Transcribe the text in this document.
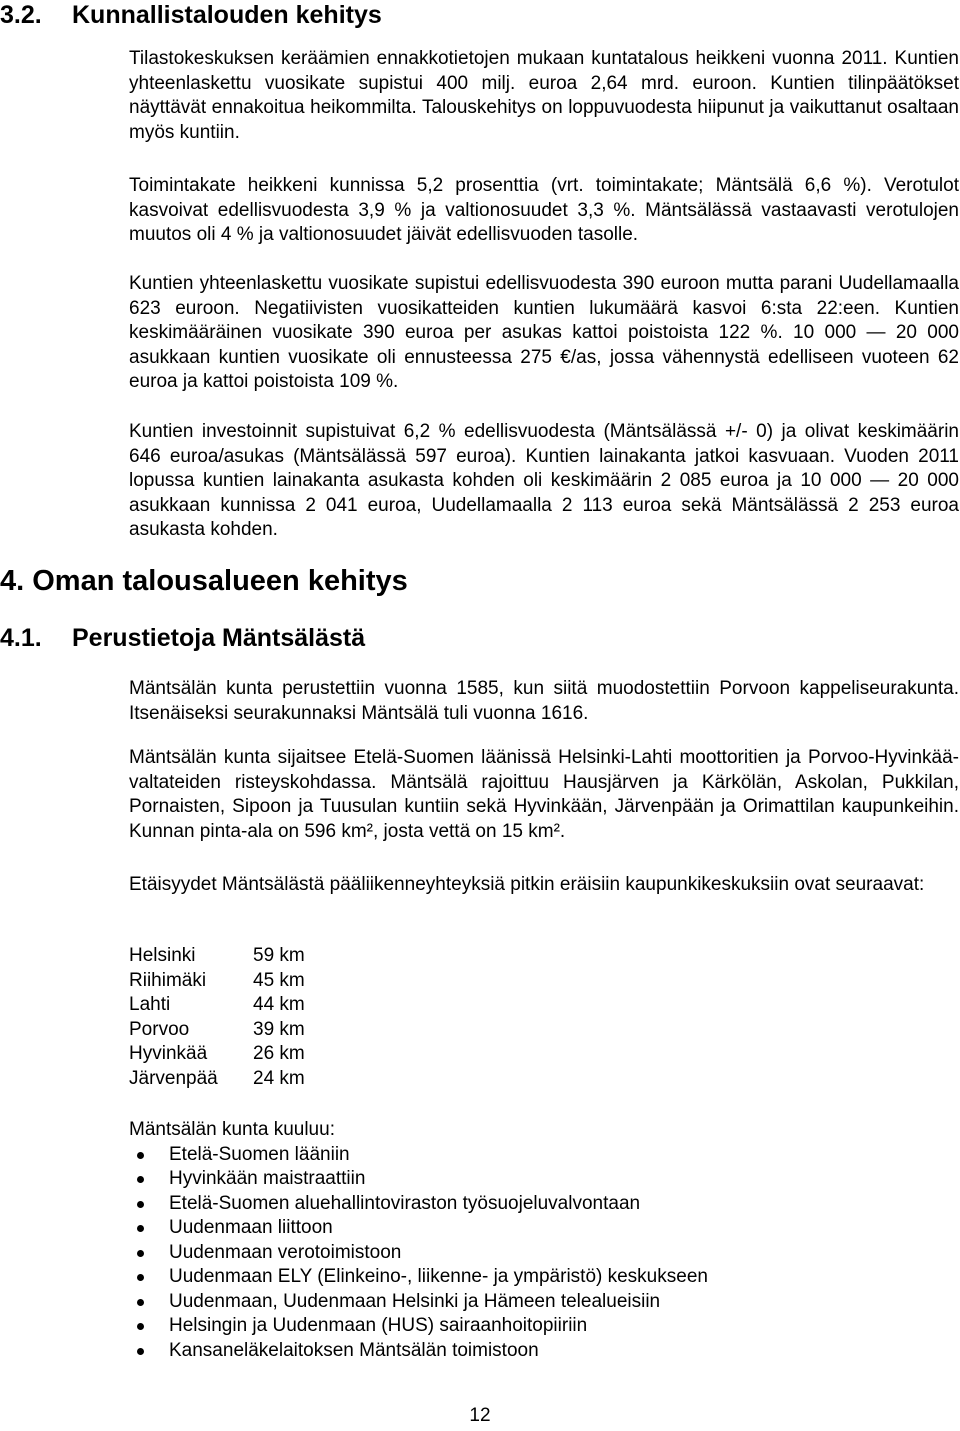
3.2. Kunnallistalouden kehitys

Tilastokeskuksen keräämien ennakkotietojen mukaan kuntatalous heikkeni vuonna 2011. Kuntien yhteenlaskettu vuosikate supistui 400 milj. euroa 2,64 mrd. euroon. Kuntien tilinpäätökset näyttävät ennakoitua heikommilta. Talouskehitys on loppuvuodesta hiipunut ja vaikuttanut osaltaan myös kuntiin.

Toimintakate heikkeni kunnissa 5,2 prosenttia (vrt. toimintakate; Mäntsälä 6,6 %). Verotulot kasvoivat edellisvuodesta 3,9 % ja valtionosuudet 3,3 %. Mäntsälässä vastaavasti verotulojen muutos oli 4 % ja valtionosuudet jäivät edellisvuoden tasolle.

Kuntien yhteenlaskettu vuosikate supistui edellisvuodesta 390 euroon mutta parani Uudellamaalla 623 euroon. Negatiivisten vuosikatteiden kuntien lukumäärä kasvoi 6:sta 22:een. Kuntien keskimääräinen vuosikate 390 euroa per asukas kattoi poistoista 122 %. 10 000 — 20 000 asukkaan kuntien vuosikate oli ennusteessa 275 €/as, jossa vähennystä edelliseen vuoteen 62 euroa ja kattoi poistoista 109 %.

Kuntien investoinnit supistuivat 6,2 % edellisvuodesta (Mäntsälässä +/- 0) ja olivat keskimäärin 646 euroa/asukas (Mäntsälässä 597 euroa). Kuntien lainakanta jatkoi kasvuaan. Vuoden 2011 lopussa kuntien lainakanta asukasta kohden oli keskimäärin 2 085 euroa ja 10 000 — 20 000 asukkaan kunnissa 2 041 euroa, Uudellamaalla 2 113 euroa sekä Mäntsälässä 2 253 euroa asukasta kohden.

4. Oman talousalueen kehitys
4.1. Perustietoja Mäntsälästä

Mäntsälän kunta perustettiin vuonna 1585, kun siitä muodostettiin Porvoon kappeliseurakunta. Itsenäiseksi seurakunnaksi Mäntsälä tuli vuonna 1616.

Mäntsälän kunta sijaitsee Etelä-Suomen läänissä Helsinki-Lahti moottoritien ja Porvoo-Hyvinkää- valtateiden risteyskohdassa. Mäntsälä rajoittuu Hausjärven ja Kärkölän, Askolan, Pukkilan, Pornaisten, Sipoon ja Tuusulan kuntiin sekä Hyvinkään, Järvenpään ja Orimattilan kaupunkeihin. Kunnan pinta-ala on 596 km², josta vettä on 15 km².

Etäisyydet Mäntsälästä pääliikenneyhteyksiä pitkin eräisiin kaupunkikeskuksiin ovat seuraavat:

Helsinki	59 km
Riihimäki	45 km
Lahti	44 km
Porvoo	39 km
Hyvinkää	26 km
Järvenpää	24 km
Mäntsälän kunta kuuluu:
Etelä-Suomen lääniin
Hyvinkään maistraattiin
Etelä-Suomen aluehallintoviraston työsuojeluvalvontaan
Uudenmaan liittoon
Uudenmaan verotoimistoon
Uudenmaan ELY (Elinkeino-, liikenne- ja ympäristö) keskukseen
Uudenmaan, Uudenmaan Helsinki ja Hämeen telealueisiin
Helsingin ja Uudenmaan (HUS) sairaanhoitopiiriin
Kansaneläkelaitoksen Mäntsälän toimistoon
12
